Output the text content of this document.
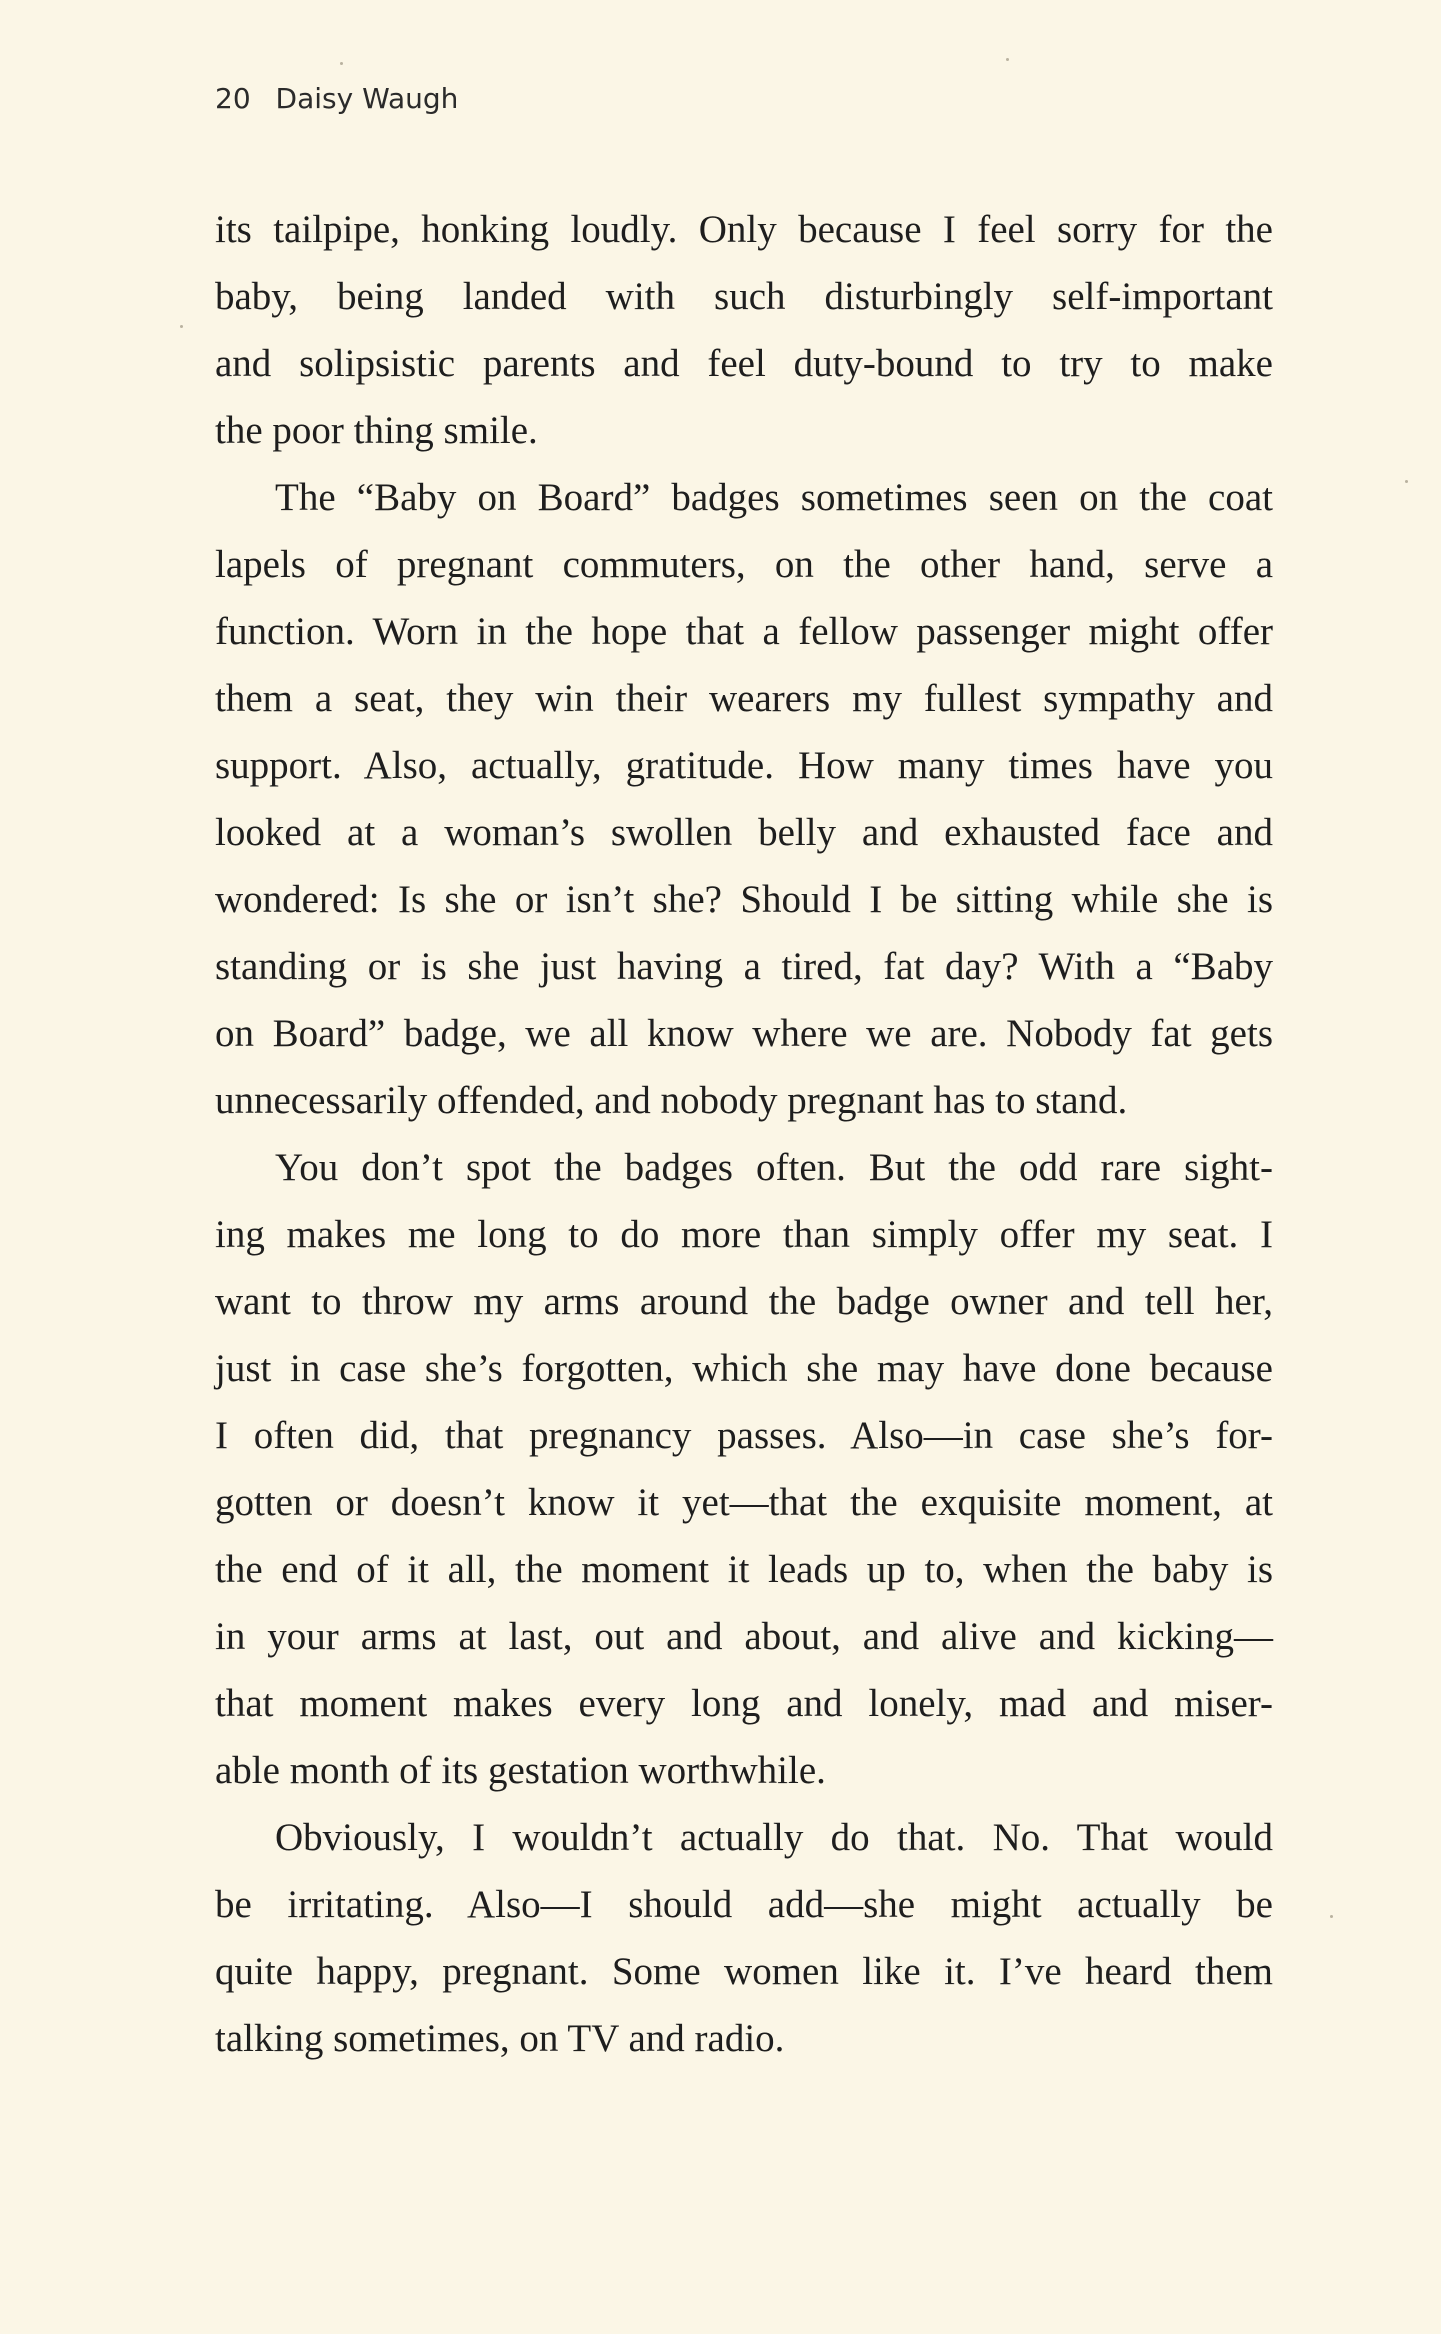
20 Daisy Waugh
its tailpipe, honking loudly. Only because I feel sorry for the
baby, being landed with such disturbingly self-important
and solipsistic parents and feel duty-bound to try to make
the poor thing smile.
The “Baby on Board” badges sometimes seen on the coat
lapels of pregnant commuters, on the other hand, serve a
function. Worn in the hope that a fellow passenger might offer
them a seat, they win their wearers my fullest sympathy and
support. Also, actually, gratitude. How many times have you
looked at a woman’s swollen belly and exhausted face and
wondered: Is she or isn’t she? Should I be sitting while she is
standing or is she just having a tired, fat day? With a “Baby
on Board” badge, we all know where we are. Nobody fat gets
unnecessarily offended, and nobody pregnant has to stand.
You don’t spot the badges often. But the odd rare sight-
ing makes me long to do more than simply offer my seat. I
want to throw my arms around the badge owner and tell her,
just in case she’s forgotten, which she may have done because
I often did, that pregnancy passes. Also—in case she’s for-
gotten or doesn’t know it yet—that the exquisite moment, at
the end of it all, the moment it leads up to, when the baby is
in your arms at last, out and about, and alive and kicking—
that moment makes every long and lonely, mad and miser-
able month of its gestation worthwhile.
Obviously, I wouldn’t actually do that. No. That would
be irritating. Also—I should add—she might actually be
quite happy, pregnant. Some women like it. I’ve heard them
talking sometimes, on TV and radio.
